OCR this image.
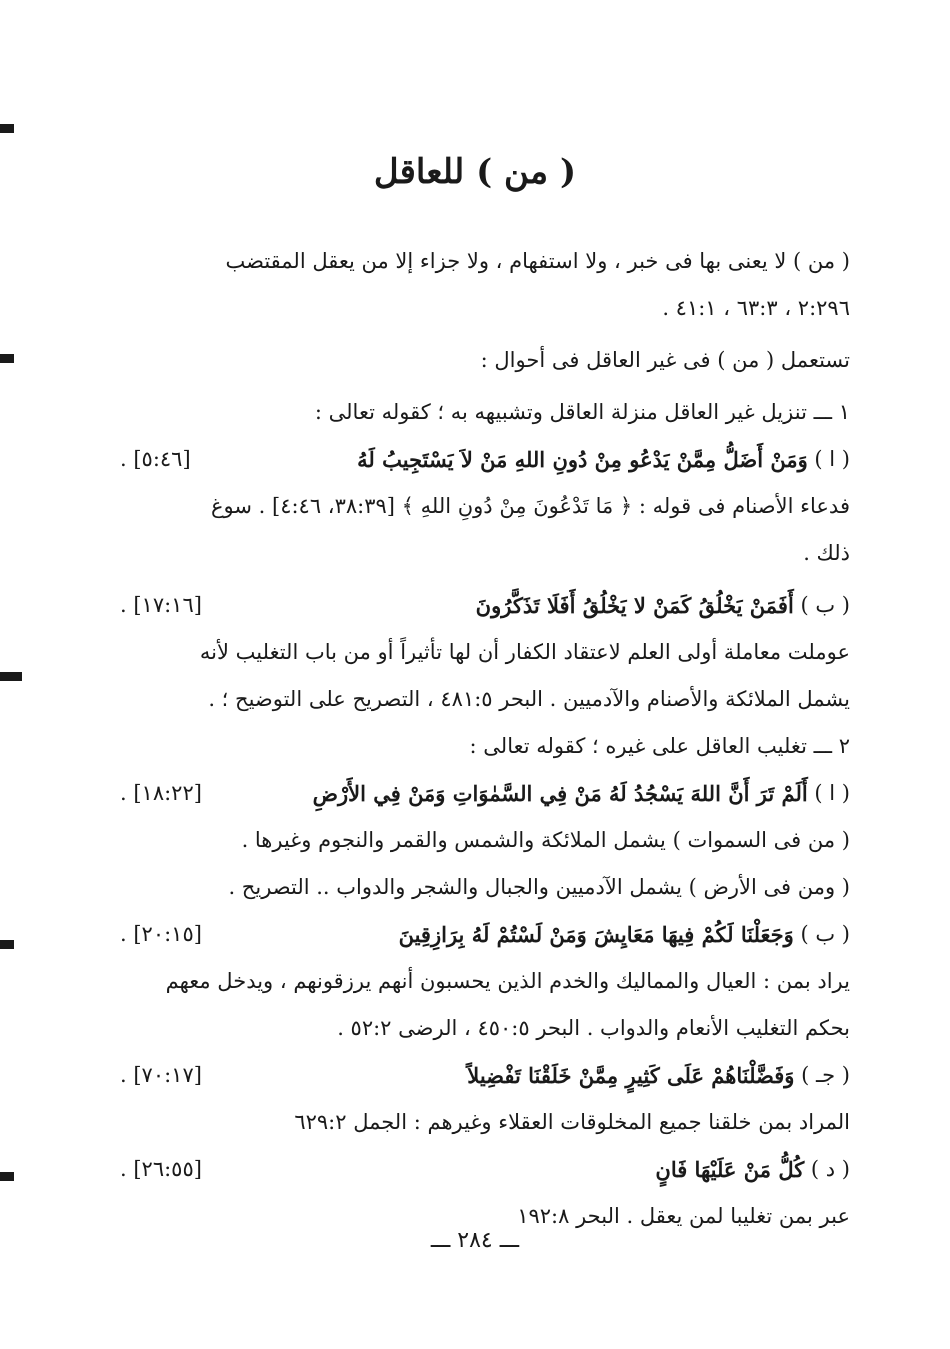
( من ) للعاقل
( من ) لا يعنى بها فى خبر ، ولا استفهام ، ولا جزاء إلا من يعقل المقتضب
۲۹٦:۲ ، ٦۳:۳ ، ٤١:١ .
تستعمل ( من ) فى غير العاقل فى أحوال :
١ ـــ تنزيل غير العاقل منزلة العاقل وتشبيهه به ؛ كقوله تعالى :
( ا )

وَمَنْ أَضَلُّ مِمَّنْ يَدْعُو مِنْ دُونِ اللهِ مَنْ لاَ يَسْتَجِيبُ لَهُ
[٥:٤٦] .
فدعاء الأصنام فى قوله : ﴿ مَا تَدْعُونَ مِنْ دُونِ اللهِ ﴾ [٣٨:٣٩، ٤:٤٦] . سوغ
ذلك .
( ب )

أَفَمَنْ يَخْلُقُ كَمَنْ لا يَخْلُقُ أَفَلَا تَذَكَّرُونَ
[١٧:١٦] .
عوملت معاملة أولى العلم لاعتقاد الكفار أن لها تأثيراً أو من باب التغليب لأنه
يشمل الملائكة والأصنام والآدميين . البحر ٤٨١:٥ ، التصريح على التوضيح ؛ .
٢ ـــ تغليب العاقل على غيره ؛ كقوله تعالى :
( ا )

أَلَمْ تَرَ أَنَّ اللهَ يَسْجُدُ لَهُ مَنْ فِي السَّمٰوَاتِ وَمَنْ فِي الأَرْضِ
[١٨:٢٢] .
( من فى السموات ) يشمل الملائكة والشمس والقمر والنجوم وغيرها .
( ومن فى الأرض ) يشمل الآدميين والجبال والشجر والدواب .. التصريح .
( ب )

وَجَعَلْنَا لَكُمْ فِيهَا مَعَايِشَ وَمَنْ لَسْتُمْ لَهُ بِرَازِقِينَ
[٢٠:١٥] .
يراد بمن : العيال والمماليك والخدم الذين يحسبون أنهم يرزقونهم ، ويدخل معهم
بحكم التغليب الأنعام والدواب . البحر ٤٥٠:٥ ، الرضى ٥٢:٢ .
( جـ )

وَفَضَّلْنَاهُمْ عَلَى كَثِيرٍ مِمَّنْ خَلَقْنَا تَفْضِيلاً
[٧٠:١٧] .
المراد بمن خلقنا جميع المخلوقات العقلاء وغيرهم : الجمل ٦٢٩:٢
( د )

كُلُّ مَنْ عَلَيْهَا فَانٍ
[٢٦:٥٥] .
عبر بمن تغليبا لمن يعقل . البحر ١٩٢:٨
ـــ ٢٨٤ ـــ
